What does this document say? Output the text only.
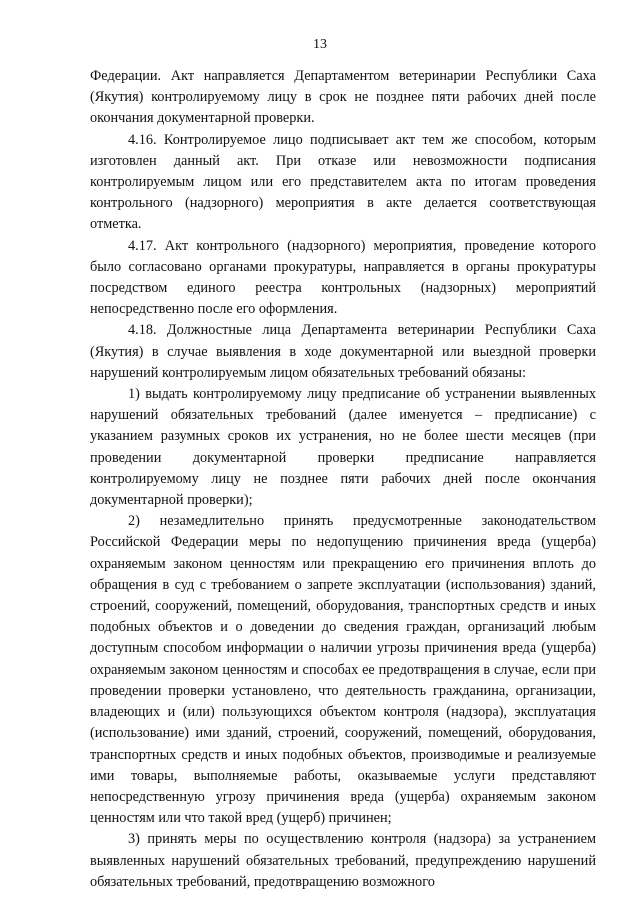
13

Федерации. Акт направляется Департаментом ветеринарии Республики Саха (Якутия) контролируемому лицу в срок не позднее пяти рабочих дней после окончания документарной проверки.

4.16. Контролируемое лицо подписывает акт тем же способом, которым изготовлен данный акт. При отказе или невозможности подписания контролируемым лицом или его представителем акта по итогам проведения контрольного (надзорного) мероприятия в акте делается соответствующая отметка.

4.17. Акт контрольного (надзорного) мероприятия, проведение которого было согласовано органами прокуратуры, направляется в органы прокуратуры посредством единого реестра контрольных (надзорных) мероприятий непосредственно после его оформления.

4.18. Должностные лица Департамента ветеринарии Республики Саха (Якутия) в случае выявления в ходе документарной или выездной проверки нарушений контролируемым лицом обязательных требований обязаны:

1) выдать контролируемому лицу предписание об устранении выявленных нарушений обязательных требований (далее именуется – предписание) с указанием разумных сроков их устранения, но не более шести месяцев (при проведении документарной проверки предписание направляется контролируемому лицу не позднее пяти рабочих дней после окончания документарной проверки);

2) незамедлительно принять предусмотренные законодательством Российской Федерации меры по недопущению причинения вреда (ущерба) охраняемым законом ценностям или прекращению его причинения вплоть до обращения в суд с требованием о запрете эксплуатации (использования) зданий, строений, сооружений, помещений, оборудования, транспортных средств и иных подобных объектов и о доведении до сведения граждан, организаций любым доступным способом информации о наличии угрозы причинения вреда (ущерба) охраняемым законом ценностям и способах ее предотвращения в случае, если при проведении проверки установлено, что деятельность гражданина, организации, владеющих и (или) пользующихся объектом контроля (надзора), эксплуатация (использование) ими зданий, строений, сооружений, помещений, оборудования, транспортных средств и иных подобных объектов, производимые и реализуемые ими товары, выполняемые работы, оказываемые услуги представляют непосредственную угрозу причинения вреда (ущерба) охраняемым законом ценностям или что такой вред (ущерб) причинен;

3) принять меры по осуществлению контроля (надзора) за устранением выявленных нарушений обязательных требований, предупреждению нарушений обязательных требований, предотвращению возможного
